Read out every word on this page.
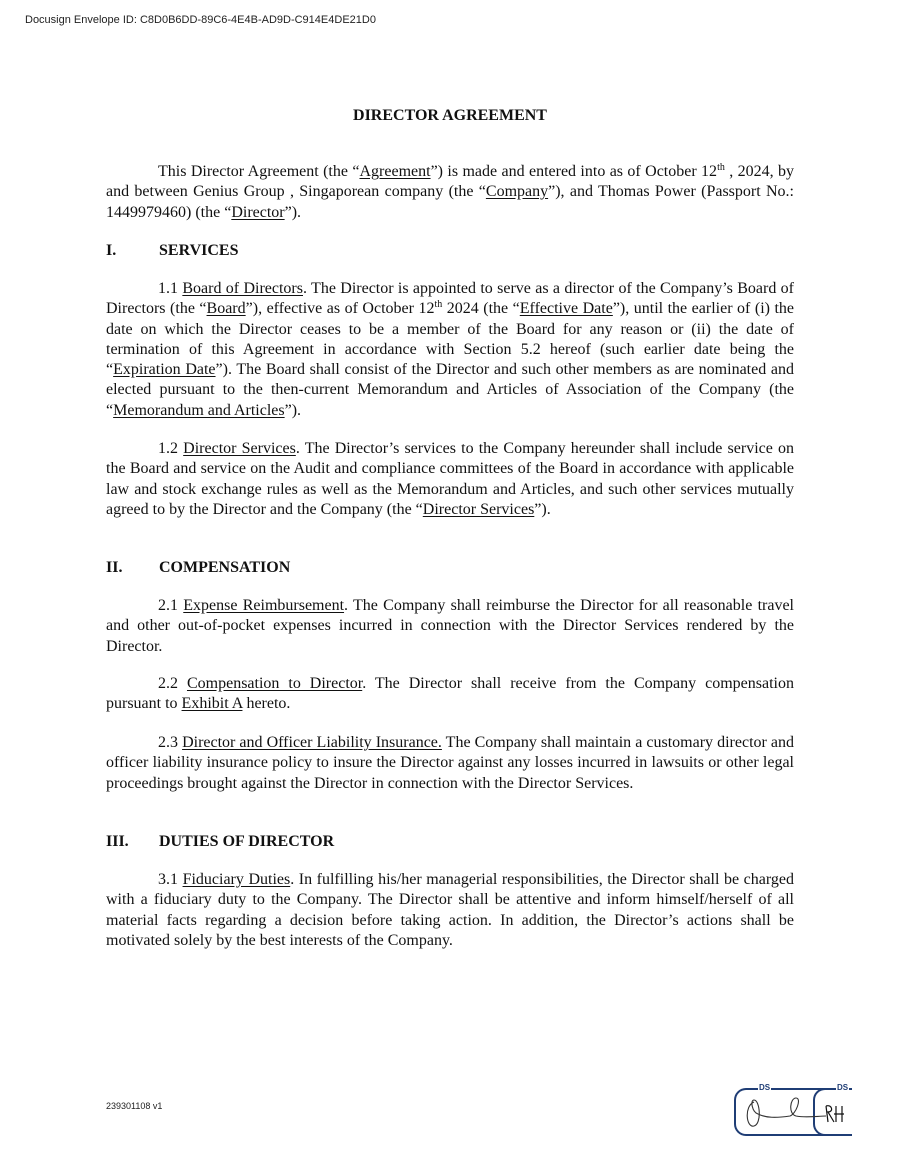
Docusign Envelope ID: C8D0B6DD-89C6-4E4B-AD9D-C914E4DE21D0
DIRECTOR AGREEMENT
This Director Agreement (the “Agreement”) is made and entered into as of October 12th , 2024, by and between Genius Group , Singaporean company (the “Company”), and Thomas Power (Passport No.: 1449979460) (the “Director”).
I.	SERVICES
1.1 Board of Directors. The Director is appointed to serve as a director of the Company’s Board of Directors (the “Board”), effective as of October 12th 2024 (the “Effective Date”), until the earlier of (i) the date on which the Director ceases to be a member of the Board for any reason or (ii) the date of termination of this Agreement in accordance with Section 5.2 hereof (such earlier date being the “Expiration Date”). The Board shall consist of the Director and such other members as are nominated and elected pursuant to the then-current Memorandum and Articles of Association of the Company (the “Memorandum and Articles”).
1.2 Director Services. The Director’s services to the Company hereunder shall include service on the Board and service on the Audit and compliance committees of the Board in accordance with applicable law and stock exchange rules as well as the Memorandum and Articles, and such other services mutually agreed to by the Director and the Company (the “Director Services”).
II. COMPENSATION
2.1 Expense Reimbursement. The Company shall reimburse the Director for all reasonable travel and other out-of-pocket expenses incurred in connection with the Director Services rendered by the Director.
2.2 Compensation to Director. The Director shall receive from the Company compensation pursuant to Exhibit A hereto.
2.3 Director and Officer Liability Insurance. The Company shall maintain a customary director and officer liability insurance policy to insure the Director against any losses incurred in lawsuits or other legal proceedings brought against the Director in connection with the Director Services.
III. DUTIES OF DIRECTOR
3.1 Fiduciary Duties. In fulfilling his/her managerial responsibilities, the Director shall be charged with a fiduciary duty to the Company. The Director shall be attentive and inform himself/herself of all material facts regarding a decision before taking action. In addition, the Director’s actions shall be motivated solely by the best interests of the Company.
239301108 v1
DS	DS
